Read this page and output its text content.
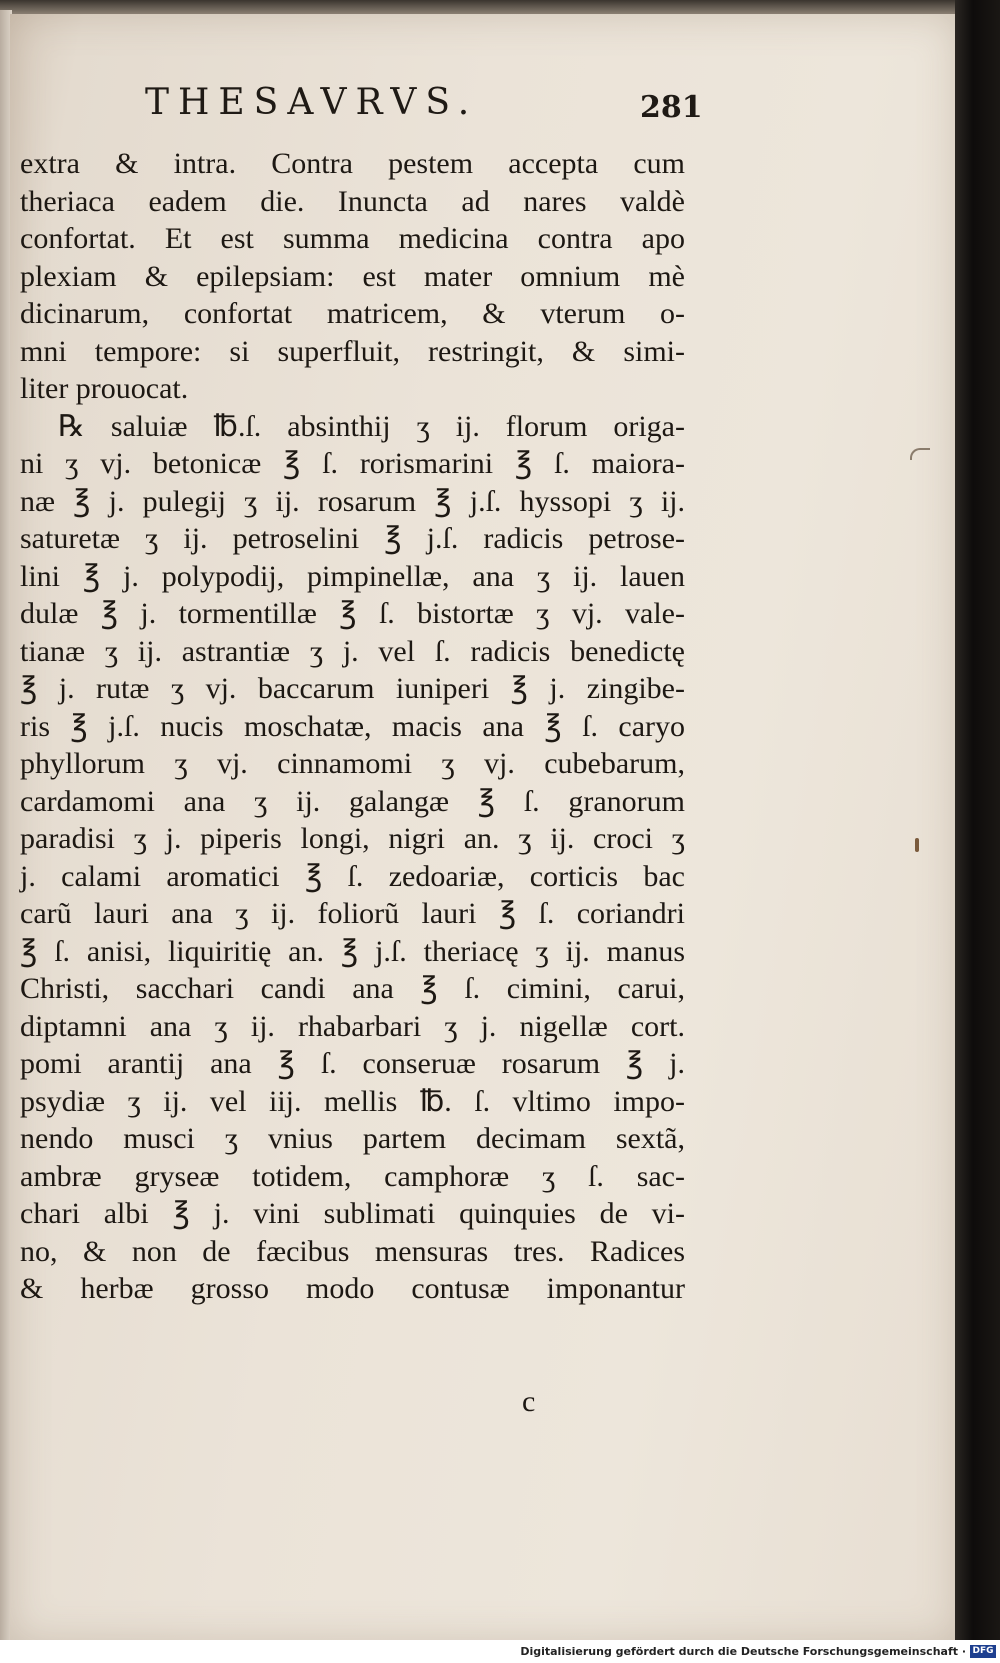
THESAVRVS.	281
extra & intra. Contra pestem accepta cum
theriaca eadem die. Inuncta ad nares valdè
confortat. Et est summa medicina contra apo
plexiam & epilepsiam: est mater omnium mè
dicinarum, confortat matricem, & vterum o-
mni tempore: si superfluit, restringit, & simi-
liter prouocat.
℞ saluiæ ℔.ſ. absinthij ʒ ij. florum origa-
ni ʒ vj. betonicæ ℥ ſ. rorismarini ℥ ſ. maiora-
næ ℥ j. pulegij ʒ ij. rosarum ℥ j.ſ. hyssopi ʒ ij.
saturetæ ʒ ij. petroselini ℥ j.ſ. radicis petrose-
lini ℥ j. polypodij, pimpinellæ, ana ʒ ij. lauen
dulæ ℥ j. tormentillæ ℥ ſ. bistortæ ʒ vj. vale-
tianæ ʒ ij. astrantiæ ʒ j. vel ſ. radicis benedictę
℥ j. rutæ ʒ vj. baccarum iuniperi ℥ j. zingibe-
ris ℥ j.ſ. nucis moschatæ, macis ana ℥ ſ. caryo
phyllorum ʒ vj. cinnamomi ʒ vj. cubebarum,
cardamomi ana ʒ ij. galangæ ℥ ſ. granorum
paradisi ʒ j. piperis longi, nigri an. ʒ ij. croci ʒ
j. calami aromatici ℥ ſ. zedoariæ, corticis bac
carũ lauri ana ʒ ij. foliorũ lauri ℥ ſ. coriandri
℥ ſ. anisi, liquiritię an. ℥ j.ſ. theriacę ʒ ij. manus
Christi, sacchari candi ana ℥ ſ. cimini, carui,
diptamni ana ʒ ij. rhabarbari ʒ j. nigellæ cort.
pomi arantij ana ℥ ſ. conseruæ rosarum ℥ j.
psydiæ ʒ ij. vel iij. mellis ℔. ſ. vltimo impo-
nendo musci ʒ vnius partem decimam sextã,
ambræ gryseæ totidem, camphoræ ʒ ſ. sac-
chari albi ℥ j. vini sublimati quinquies de vi-
no, & non de fæcibus mensuras tres. Radices
& herbæ grosso modo contusæ imponantur
c
Digitalisierung gefördert durch die Deutsche Forschungsgemeinschaft · DFG
